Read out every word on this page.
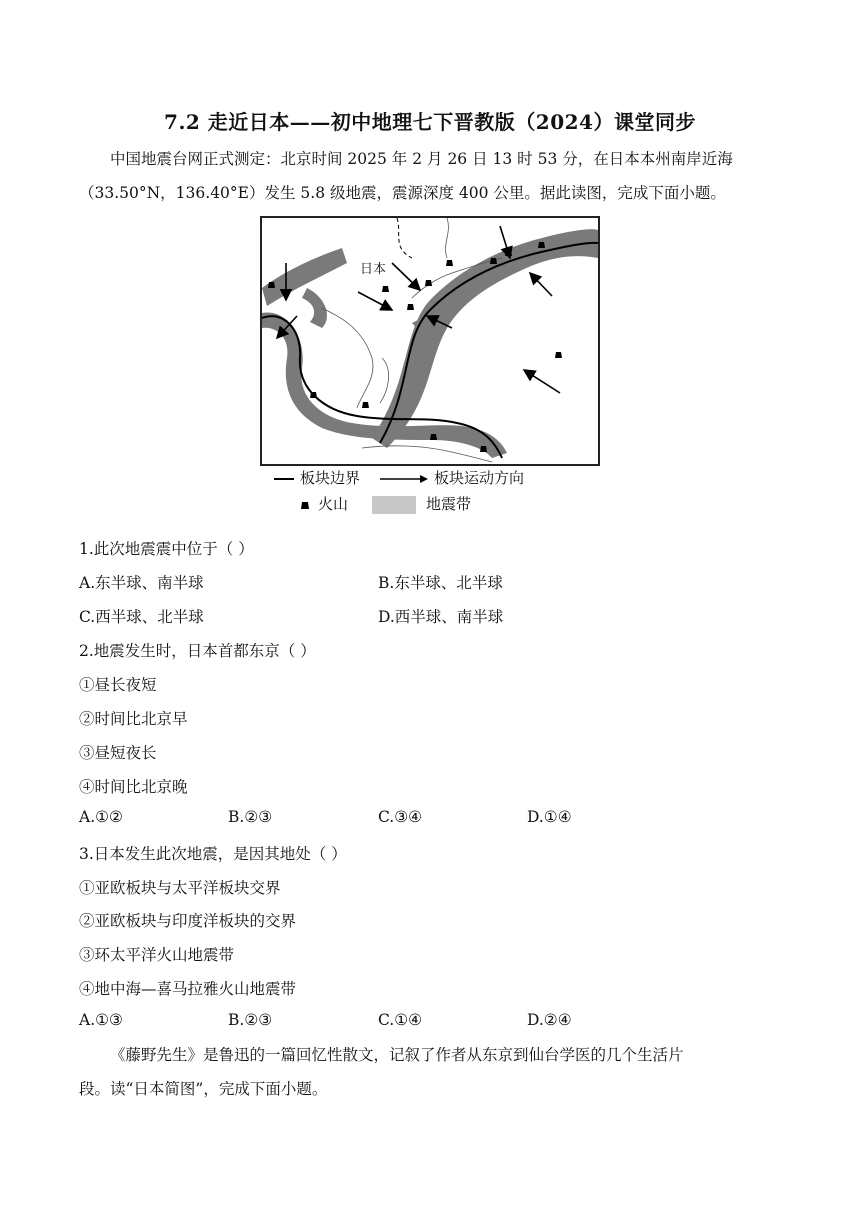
7.2 走近日本——初中地理七下晋教版（2024）课堂同步
中国地震台网正式测定：北京时间 2025 年 2 月 26 日 13 时 53 分，在日本本州南岸近海
（33.50°N，136.40°E）发生 5.8 级地震，震源深度 400 公里。据此读图，完成下面小题。
日本
板块边界	板块运动方向
火山	地震带
1.此次地震震中位于（ ）
A.东半球、南半球	B.东半球、北半球
C.西半球、北半球	D.西半球、南半球
2.地震发生时，日本首都东京（ ）
①昼长夜短
②时间比北京早
③昼短夜长
④时间比北京晚
A.①②	B.②③	C.③④	D.①④
3.日本发生此次地震，是因其地处（ ）
①亚欧板块与太平洋板块交界
②亚欧板块与印度洋板块的交界
③环太平洋火山地震带
④地中海—喜马拉雅火山地震带
A.①③	B.②③	C.①④	D.②④
《藤野先生》是鲁迅的一篇回忆性散文，记叙了作者从东京到仙台学医的几个生活片
段。读“日本简图”，完成下面小题。
